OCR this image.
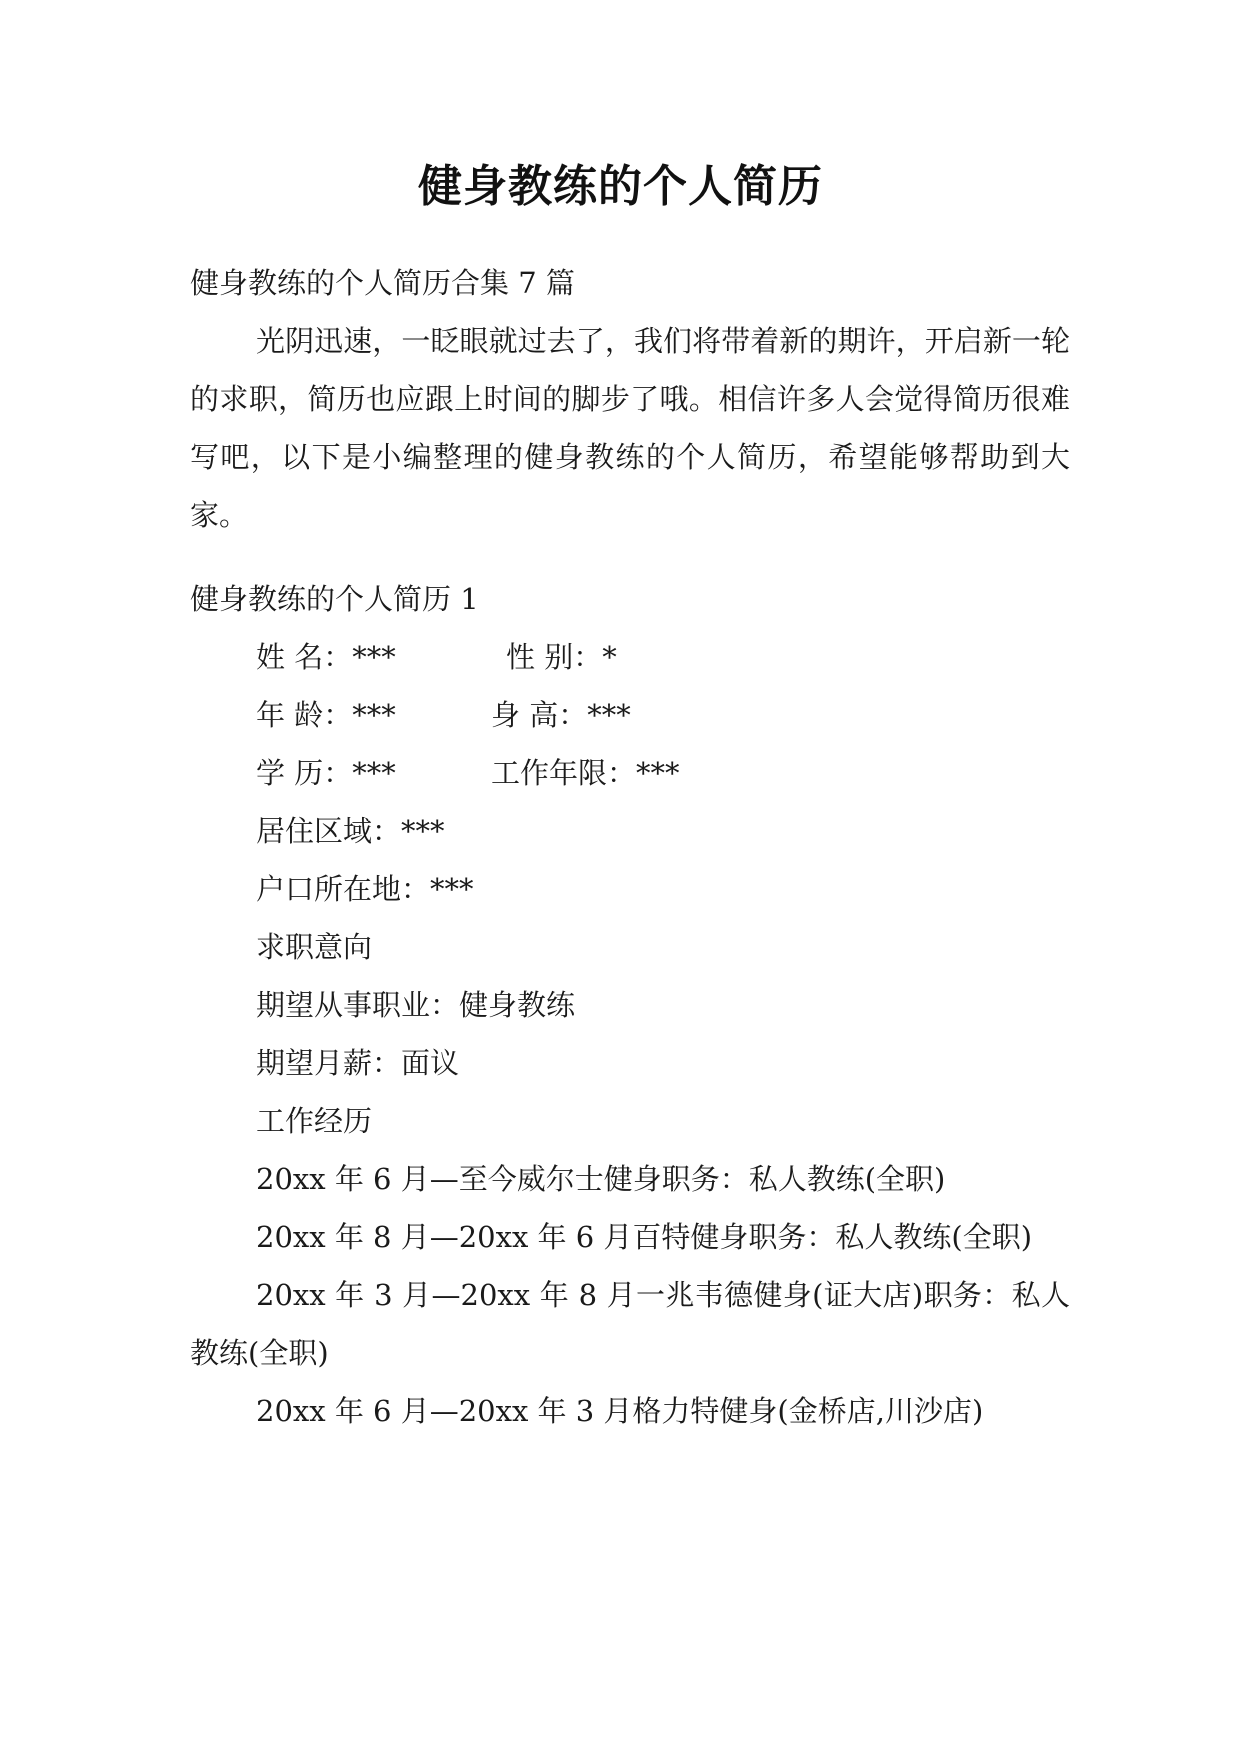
健身教练的个人简历
健身教练的个人简历合集 7 篇
光阴迅速，一眨眼就过去了，我们将带着新的期许，开启新一轮的求职，简历也应跟上时间的脚步了哦。相信许多人会觉得简历很难写吧，以下是小编整理的健身教练的个人简历，希望能够帮助到大家。
健身教练的个人简历 1
姓 名：***	性 别：*
年 龄：***	身 高：***
学 历：***	工作年限：***
居住区域：***
户口所在地：***
求职意向
期望从事职业：健身教练
期望月薪：面议
工作经历
20xx 年 6 月—至今威尔士健身职务：私人教练(全职)
20xx 年 8 月—20xx 年 6 月百特健身职务：私人教练(全职)
20xx 年 3 月—20xx 年 8 月一兆韦德健身(证大店)职务：私人教练(全职)
20xx 年 6 月—20xx 年 3 月格力特健身(金桥店,川沙店)
